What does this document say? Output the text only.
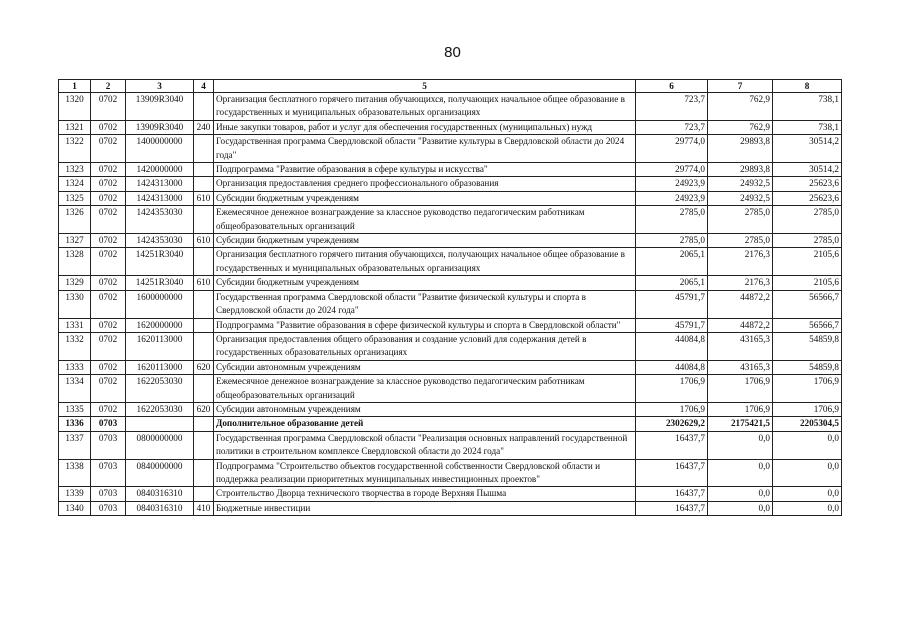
80
1	2	3	4	5	6	7	8
1320	0702	13909R3040		Организация бесплатного горячего питания обучающихся, получающих начальное общее образование в государственных и муниципальных образовательных организациях	723,7	762,9	738,1
1321	0702	13909R3040	240	Иные закупки товаров, работ и услуг для обеспечения государственных (муниципальных) нужд	723,7	762,9	738,1
1322	0702	1400000000		Государственная программа Свердловской области "Развитие культуры в Свердловской области до 2024 года"	29774,0	29893,8	30514,2
1323	0702	1420000000		Подпрограмма "Развитие образования в сфере культуры и искусства"	29774,0	29893,8	30514,2
1324	0702	1424313000		Организация предоставления среднего профессионального образования	24923,9	24932,5	25623,6
1325	0702	1424313000	610	Субсидии бюджетным учреждениям	24923,9	24932,5	25623,6
1326	0702	1424353030		Ежемесячное денежное вознаграждение за классное руководство педагогическим работникам общеобразовательных организаций	2785,0	2785,0	2785,0
1327	0702	1424353030	610	Субсидии бюджетным учреждениям	2785,0	2785,0	2785,0
1328	0702	14251R3040		Организация бесплатного горячего питания обучающихся, получающих начальное общее образование в государственных и муниципальных образовательных организациях	2065,1	2176,3	2105,6
1329	0702	14251R3040	610	Субсидии бюджетным учреждениям	2065,1	2176,3	2105,6
1330	0702	1600000000		Государственная программа Свердловской области "Развитие физической культуры и спорта в Свердловской области до 2024 года"	45791,7	44872,2	56566,7
1331	0702	1620000000		Подпрограмма "Развитие образования в сфере физической культуры и спорта в Свердловской области"	45791,7	44872,2	56566,7
1332	0702	1620113000		Организация предоставления общего образования и создание условий для содержания детей в государственных образовательных организациях	44084,8	43165,3	54859,8
1333	0702	1620113000	620	Субсидии автономным учреждениям	44084,8	43165,3	54859,8
1334	0702	1622053030		Ежемесячное денежное вознаграждение за классное руководство педагогическим работникам общеобразовательных организаций	1706,9	1706,9	1706,9
1335	0702	1622053030	620	Субсидии автономным учреждениям	1706,9	1706,9	1706,9
1336	0703			Дополнительное образование детей	2302629,2	2175421,5	2205304,5
1337	0703	0800000000		Государственная программа Свердловской области "Реализация основных направлений государственной политики в строительном комплексе Свердловской области до 2024 года"	16437,7	0,0	0,0
1338	0703	0840000000		Подпрограмма "Строительство объектов государственной собственности Свердловской области и поддержка реализации приоритетных муниципальных инвестиционных проектов"	16437,7	0,0	0,0
1339	0703	0840316310		Строительство Дворца технического творчества в городе Верхняя Пышма	16437,7	0,0	0,0
1340	0703	0840316310	410	Бюджетные инвестиции	16437,7	0,0	0,0
